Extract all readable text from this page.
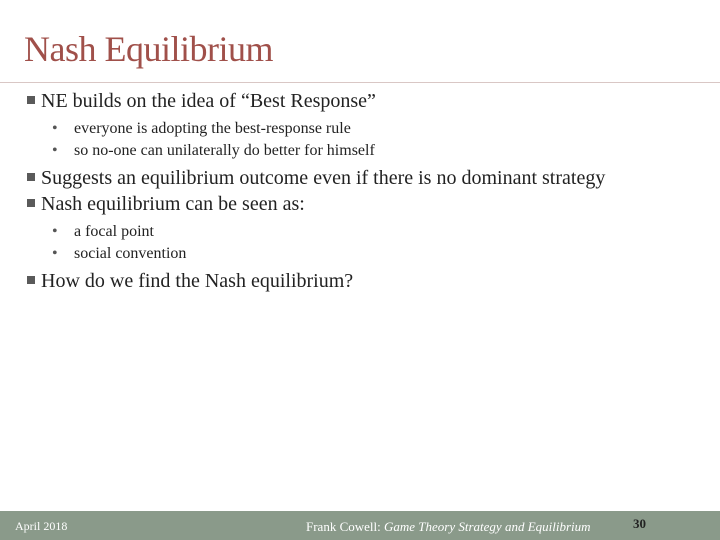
Nash Equilibrium
NE builds on the idea of “Best Response”
• everyone is adopting the best-response rule
• so no-one can unilaterally do better for himself
Suggests an equilibrium outcome even if there is no dominant strategy
Nash equilibrium can be seen as:
• a focal point
• social convention
How do we find the Nash equilibrium?
April 2018	Frank Cowell: Game Theory Strategy and Equilibrium	30
